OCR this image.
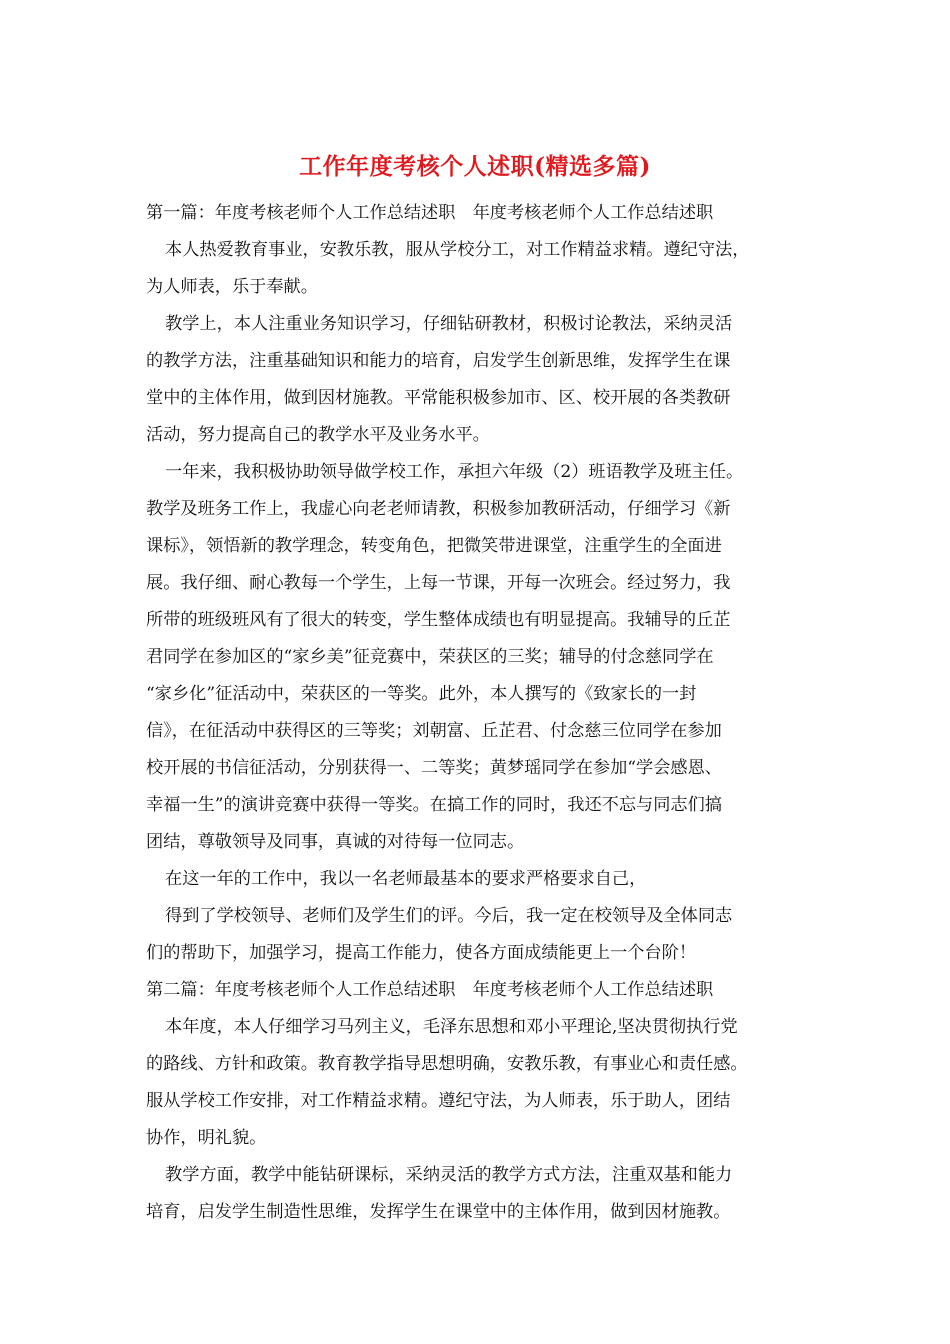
工作年度考核个人述职(精选多篇)

第一篇：年度考核老师个人工作总结述职　年度考核老师个人工作总结述职

本人热爱教育事业，安教乐教，服从学校分工，对工作精益求精。遵纪守法，

为人师表，乐于奉献。

教学上，本人注重业务知识学习，仔细钻研教材，积极讨论教法，采纳灵活

的教学方法，注重基础知识和能力的培育，启发学生创新思维，发挥学生在课

堂中的主体作用，做到因材施教。平常能积极参加市、区、校开展的各类教研

活动，努力提高自己的教学水平及业务水平。

一年来，我积极协助领导做学校工作，承担六年级（2）班语教学及班主任。

教学及班务工作上，我虚心向老老师请教，积极参加教研活动，仔细学习《新

课标》，领悟新的教学理念，转变角色，把微笑带进课堂，注重学生的全面进

展。我仔细、耐心教每一个学生，上每一节课，开每一次班会。经过努力，我

所带的班级班风有了很大的转变，学生整体成绩也有明显提高。我辅导的丘芷

君同学在参加区的“家乡美”征竞赛中，荣获区的三奖；辅导的付念慈同学在

“家乡化”征活动中，荣获区的一等奖。此外，本人撰写的《致家长的一封

信》，在征活动中获得区的三等奖；刘朝富、丘芷君、付念慈三位同学在参加

校开展的书信征活动，分别获得一、二等奖；黄梦瑶同学在参加“学会感恩、

幸福一生”的演讲竞赛中获得一等奖。在搞工作的同时，我还不忘与同志们搞

团结，尊敬领导及同事，真诚的对待每一位同志。

在这一年的工作中，我以一名老师最基本的要求严格要求自己，

得到了学校领导、老师们及学生们的评。今后，我一定在校领导及全体同志

们的帮助下，加强学习，提高工作能力，使各方面成绩能更上一个台阶！

第二篇：年度考核老师个人工作总结述职　年度考核老师个人工作总结述职

本年度，本人仔细学习马列主义，毛泽东思想和邓小平理论,坚决贯彻执行党

的路线、方针和政策。教育教学指导思想明确，安教乐教，有事业心和责任感。

服从学校工作安排，对工作精益求精。遵纪守法，为人师表，乐于助人，团结

协作，明礼貌。

教学方面，教学中能钻研课标，采纳灵活的教学方式方法，注重双基和能力

培育，启发学生制造性思维，发挥学生在课堂中的主体作用，做到因材施教。
